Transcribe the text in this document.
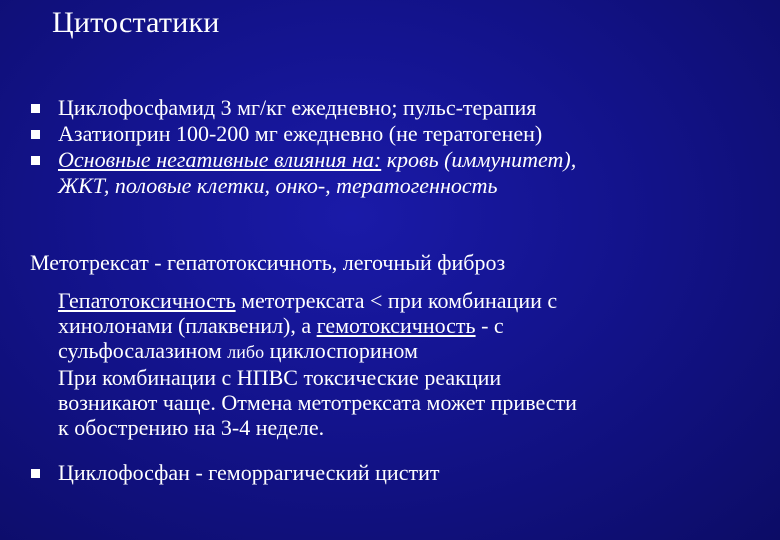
Цитостатики
Циклофосфамид 3 мг/кг ежедневно; пульс-терапия
Азатиоприн 100-200 мг ежедневно (не тератогенен)
Основные негативные влияния на: кровь (иммунитет),
ЖКТ, половые клетки, онко-, тератогенность
Метотрексат - гепатотоксичноть, легочный фиброз
Гепатотоксичность метотрексата < при комбинации с
хинолонами (плаквенил), а гемотоксичность - с
сульфосалазином либо циклоспорином
При комбинации с НПВС токсические реакции
возникают чаще. Отмена метотрексата может привести
к обострению на 3-4 неделе.
Циклофосфан - геморрагический цистит
